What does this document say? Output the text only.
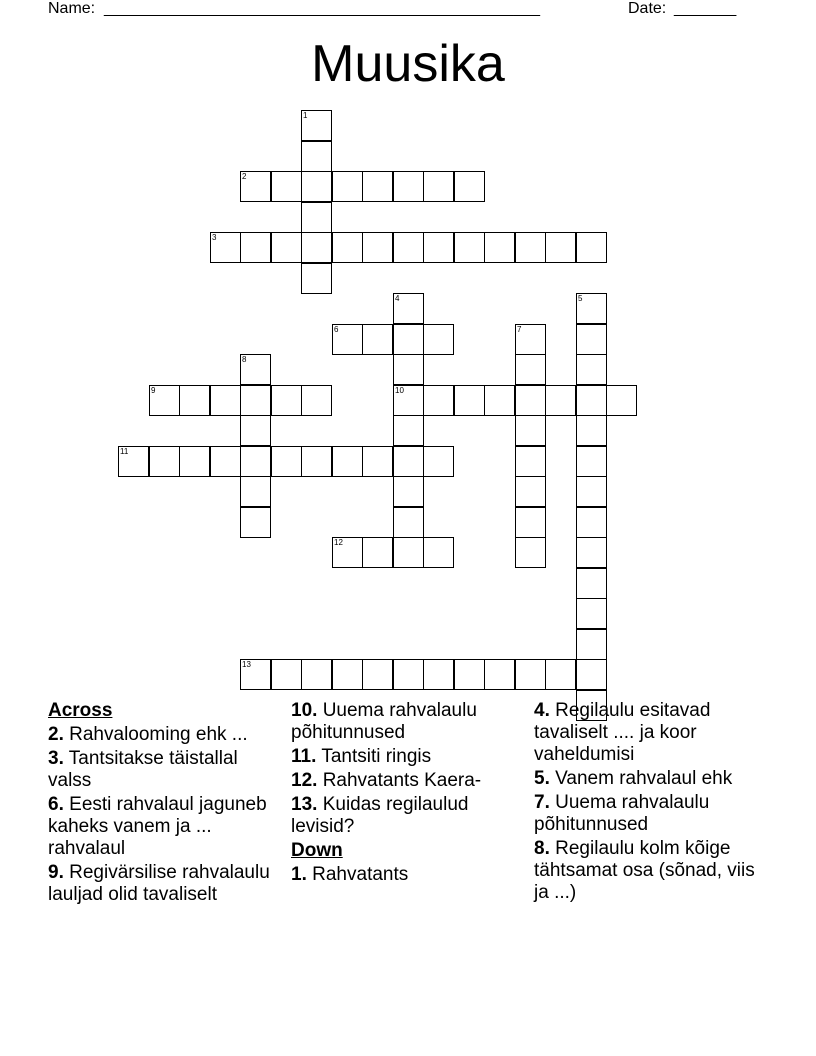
Name: _________________________________________________	Date: _______
Muusika
1
2
3
4
10
5
6	7
8
9
11
12
13
Across
2. Rahvalooming ehk ...
3. Tantsitakse täistallal valss
6. Eesti rahvalaul jaguneb kaheks vanem ja ... rahvalaul
9. Regivärsilise rahvalaulu lauljad olid tavaliselt
10. Uuema rahvalaulu põhitunnused
11. Tantsiti ringis
12. Rahvatants Kaera-
13. Kuidas regilaulud levisid?
Down
1. Rahvatants
4. Regilaulu esitavad tavaliselt .... ja koor vaheldumisi
5. Vanem rahvalaul ehk
7. Uuema rahvalaulu põhitunnused
8. Regilaulu kolm kõige tähtsamat osa (sõnad, viis ja ...)
